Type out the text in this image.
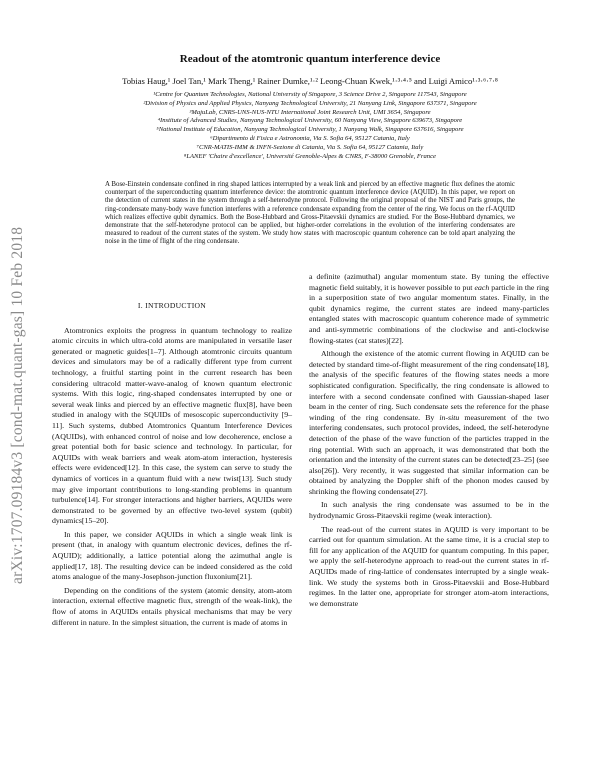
arXiv:1707.09184v3 [cond-mat.quant-gas] 10 Feb 2018
Readout of the atomtronic quantum interference device
Tobias Haug,¹ Joel Tan,¹ Mark Theng,¹ Rainer Dumke,¹·² Leong-Chuan Kwek,¹·³·⁴·⁵ and Luigi Amico¹·³·⁶·⁷·⁸
¹Centre for Quantum Technologies, National University of Singapore, 3 Science Drive 2, Singapore 117543, Singapore
²Division of Physics and Applied Physics, Nanyang Technological University, 21 Nanyang Link, Singapore 637371, Singapore
³MajuLab, CNRS-UNS-NUS-NTU International Joint Research Unit, UMI 3654, Singapore
⁴Institute of Advanced Studies, Nanyang Technological University, 60 Nanyang View, Singapore 639673, Singapore
⁵National Institute of Education, Nanyang Technological University, 1 Nanyang Walk, Singapore 637616, Singapore
⁶Dipartimento di Fisica e Astronomia, Via S. Sofia 64, 95127 Catania, Italy
⁷CNR-MATIS-IMM & INFN-Sezione di Catania, Via S. Sofia 64, 95127 Catania, Italy
⁸LANEF 'Chaire d'excellence', Université Grenoble-Alpes & CNRS, F-38000 Grenoble, France
A Bose-Einstein condensate confined in ring shaped lattices interrupted by a weak link and pierced by an effective magnetic flux defines the atomic counterpart of the superconducting quantum interference device: the atomtronic quantum interference device (AQUID). In this paper, we report on the detection of current states in the system through a self-heterodyne protocol. Following the original proposal of the NIST and Paris groups, the ring-condensate many-body wave function interferes with a reference condensate expanding from the center of the ring. We focus on the rf-AQUID which realizes effective qubit dynamics. Both the Bose-Hubbard and Gross-Pitaevskii dynamics are studied. For the Bose-Hubbard dynamics, we demonstrate that the self-heterodyne protocol can be applied, but higher-order correlations in the evolution of the interfering condensates are measured to readout of the current states of the system. We study how states with macroscopic quantum coherence can be told apart analyzing the noise in the time of flight of the ring condensate.
I. INTRODUCTION

Atomtronics exploits the progress in quantum technology to realize atomic circuits in which ultra-cold atoms are manipulated in versatile laser generated or magnetic guides[1–7]. Although atomtronic circuits quantum devices and simulators may be of a radically different type from current technology, a fruitful starting point in the current research has been considering ultracold matter-wave-analog of known quantum electronic systems. With this logic, ring-shaped condensates interrupted by one or several weak links and pierced by an effective magnetic flux[8], have been studied in analogy with the SQUIDs of mesoscopic superconductivity [9–11]. Such systems, dubbed Atomtronics Quantum Interference Devices (AQUIDs), with enhanced control of noise and low decoherence, enclose a great potential both for basic science and technology. In particular, for AQUIDs with weak barriers and weak atom-atom interaction, hysteresis effects were evidenced[12]. In this case, the system can serve to study the dynamics of vortices in a quantum fluid with a new twist[13]. Such study may give important contributions to long-standing problems in quantum turbulence[14]. For stronger interactions and higher barriers, AQUIDs were demonstrated to be governed by an effective two-level system (qubit) dynamics[15–20].

In this paper, we consider AQUIDs in which a single weak link is present (that, in analogy with quantum electronic devices, defines the rf-AQUID); additionally, a lattice potential along the azimuthal angle is applied[17, 18]. The resulting device can be indeed considered as the cold atoms analogue of the many-Josephson-junction fluxonium[21].

Depending on the conditions of the system (atomic density, atom-atom interaction, external effective magnetic flux, strength of the weak-link), the flow of atoms in AQUIDs entails physical mechanisms that may be very different in nature. In the simplest situation, the current is made of atoms in

a definite (azimuthal) angular momentum state. By tuning the effective magnetic field suitably, it is however possible to put each particle in the ring in a superposition state of two angular momentum states. Finally, in the qubit dynamics regime, the current states are indeed many-particles entangled states with macroscopic quantum coherence made of symmetric and anti-symmetric combinations of the clockwise and anti-clockwise flowing-states (cat states)[22].

Although the existence of the atomic current flowing in AQUID can be detected by standard time-of-flight measurement of the ring condensate[18], the analysis of the specific features of the flowing states needs a more sophisticated configuration. Specifically, the ring condensate is allowed to interfere with a second condensate confined with Gaussian-shaped laser beam in the center of ring. Such condensate sets the reference for the phase winding of the ring condensate. By in-situ measurement of the two interfering condensates, such protocol provides, indeed, the self-heterodyne detection of the phase of the wave function of the particles trapped in the ring potential. With such an approach, it was demonstrated that both the orientation and the intensity of the current states can be detected[23–25] (see also[26]). Very recently, it was suggested that similar information can be obtained by analyzing the Doppler shift of the phonon modes caused by shrinking the flowing condensate[27].

In such analysis the ring condensate was assumed to be in the hydrodynamic Gross-Pitaevskii regime (weak interaction).

The read-out of the current states in AQUID is very important to be carried out for quantum simulation. At the same time, it is a crucial step to fill for any application of the AQUID for quantum computing. In this paper, we apply the self-heterodyne approach to read-out the current states in rf-AQUIDs made of ring-lattice of condensates interrupted by a single weak-link. We study the systems both in Gross-Pitaevskii and Bose-Hubbard regimes. In the latter one, appropriate for stronger atom-atom interactions, we demonstrate
